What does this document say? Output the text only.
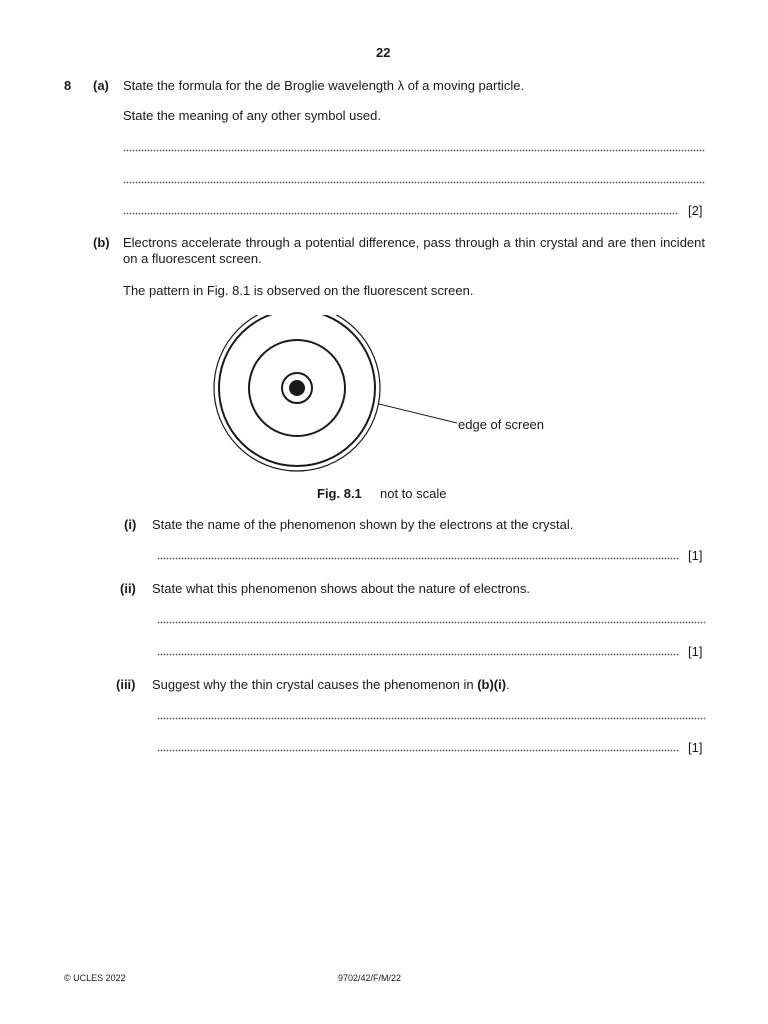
22
8 (a) State the formula for the de Broglie wavelength λ of a moving particle.
State the meaning of any other symbol used.
[2]
(b) Electrons accelerate through a potential difference, pass through a thin crystal and are then incident on a fluorescent screen.
The pattern in Fig. 8.1 is observed on the fluorescent screen.
edge of screen
Fig. 8.1 not to scale
(i) State the name of the phenomenon shown by the electrons at the crystal.
[1]
(ii) State what this phenomenon shows about the nature of electrons.
[1]
(iii) Suggest why the thin crystal causes the phenomenon in (b)(i).
[1]
© UCLES 2022	9702/42/F/M/22
